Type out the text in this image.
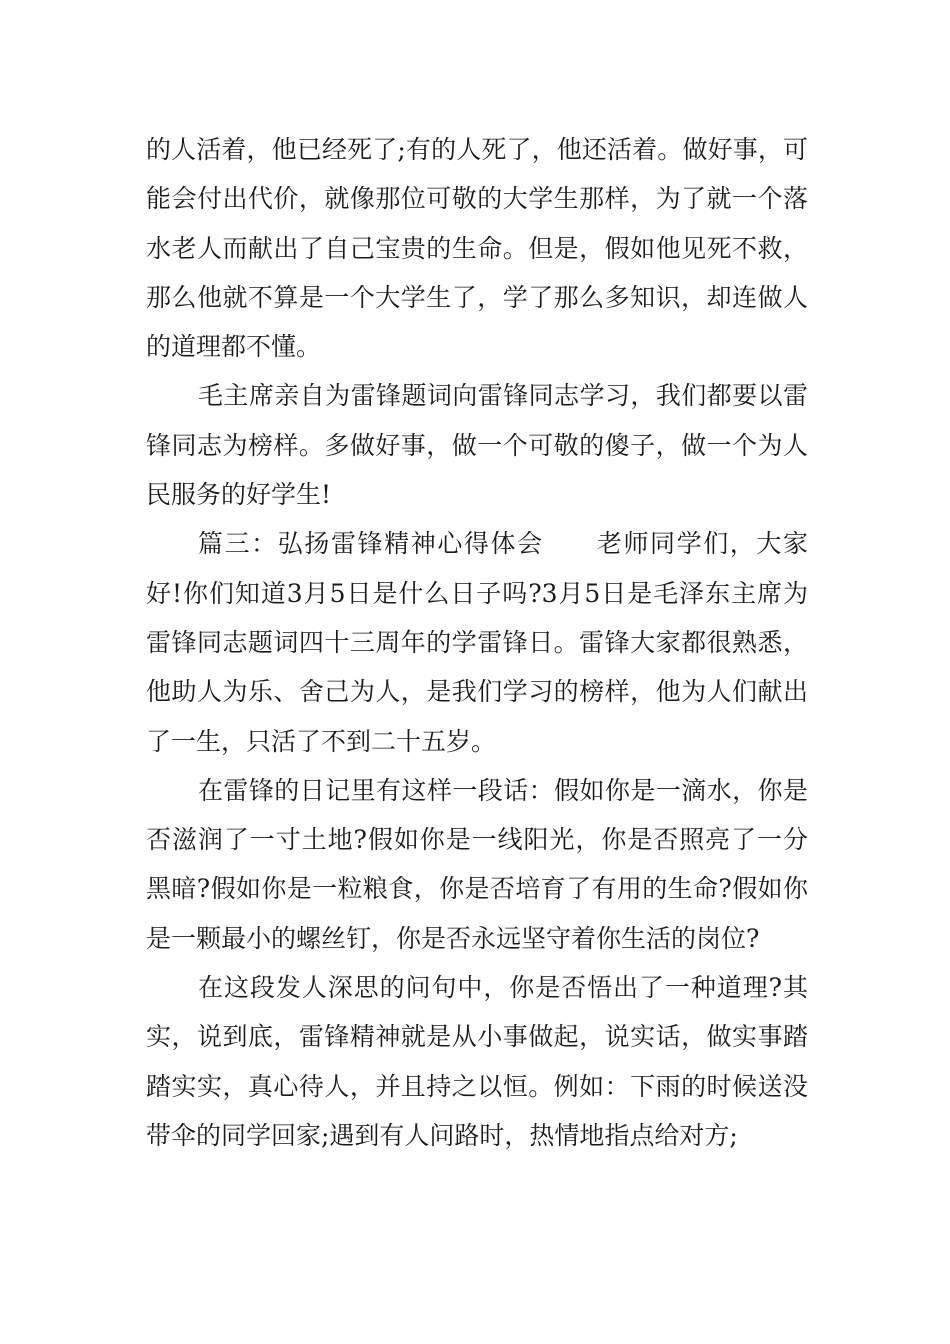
的人活着，他已经死了;有的人死了，他还活着。做好事，可能会付出代价，就像那位可敬的大学生那样，为了就一个落水老人而献出了自己宝贵的生命。但是，假如他见死不救，那么他就不算是一个大学生了，学了那么多知识，却连做人的道理都不懂。

毛主席亲自为雷锋题词向雷锋同志学习，我们都要以雷锋同志为榜样。多做好事，做一个可敬的傻子，做一个为人民服务的好学生!

篇三：弘扬雷锋精神心得体会　　老师同学们，大家好!你们知道3月5日是什么日子吗?3月5日是毛泽东主席为雷锋同志题词四十三周年的学雷锋日。雷锋大家都很熟悉，他助人为乐、舍己为人，是我们学习的榜样，他为人们献出了一生，只活了不到二十五岁。

在雷锋的日记里有这样一段话：假如你是一滴水，你是否滋润了一寸土地?假如你是一线阳光，你是否照亮了一分黑暗?假如你是一粒粮食，你是否培育了有用的生命?假如你是一颗最小的螺丝钉，你是否永远坚守着你生活的岗位?

在这段发人深思的问句中，你是否悟出了一种道理?其实，说到底，雷锋精神就是从小事做起，说实话，做实事踏踏实实，真心待人，并且持之以恒。例如：下雨的时候送没带伞的同学回家;遇到有人问路时，热情地指点给对方;
